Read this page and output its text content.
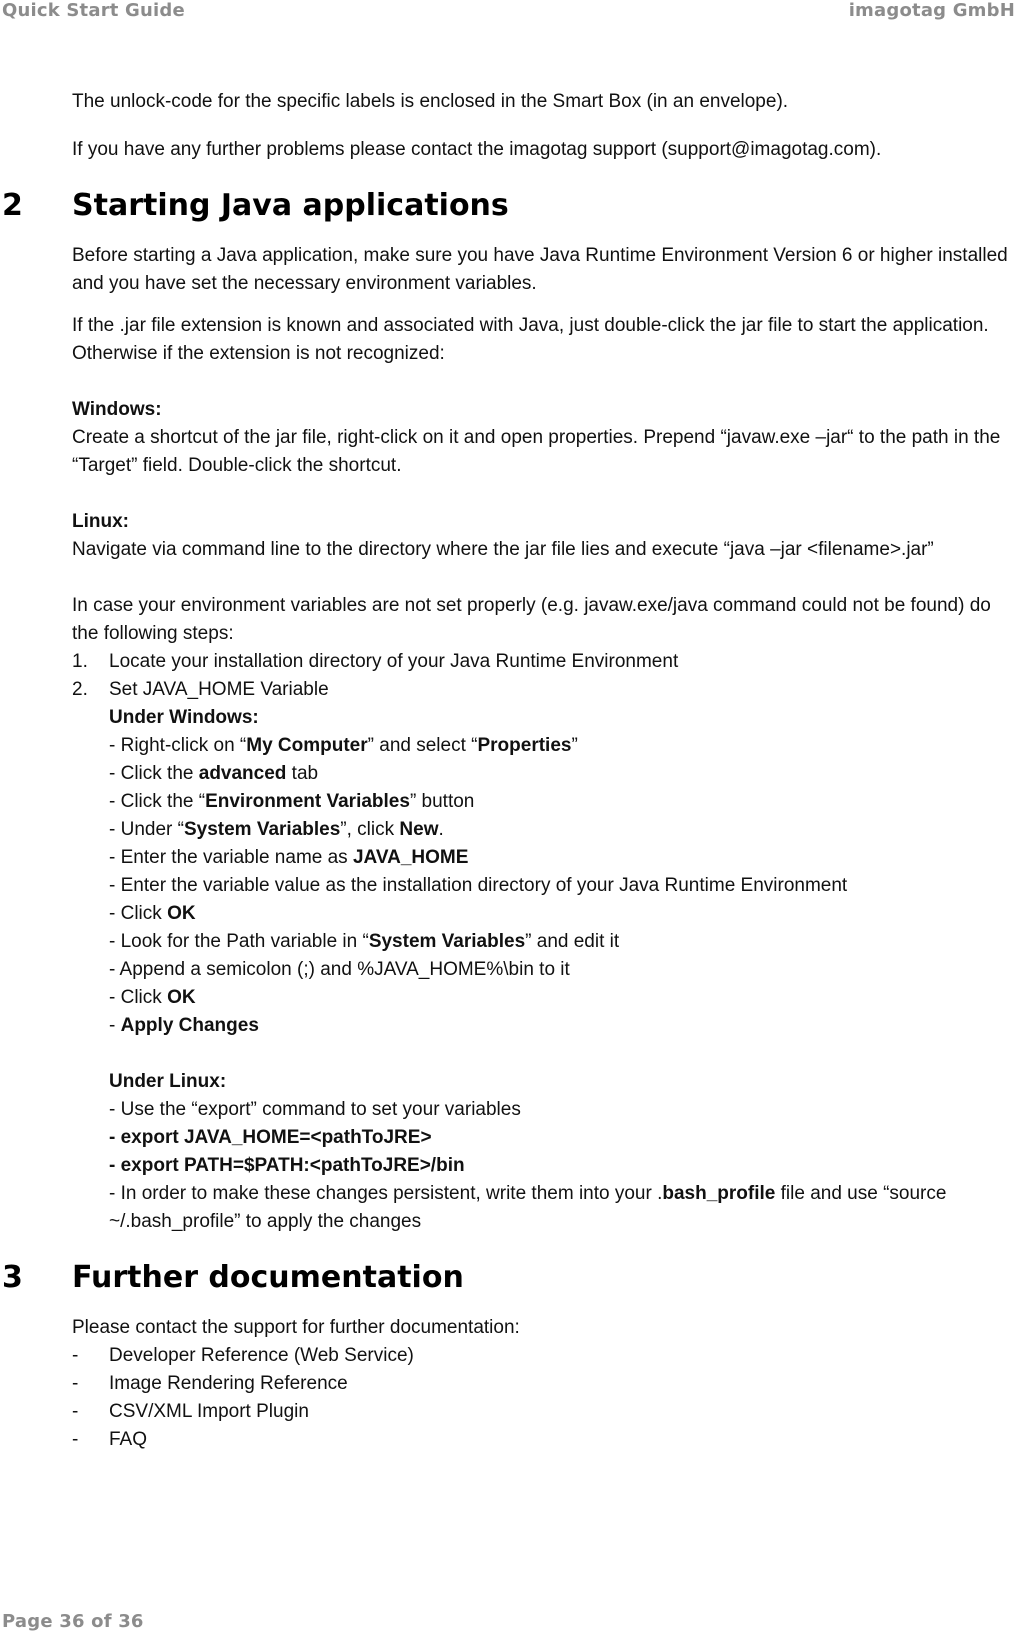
Quick Start Guide	imagotag GmbH

The unlock-code for the specific labels is enclosed in the Smart Box (in an envelope).

If you have any further problems please contact the imagotag support (support@imagotag.com).

2 Starting Java applications

Before starting a Java application, make sure you have Java Runtime Environment Version 6 or higher installed and you have set the necessary environment variables.

If the .jar file extension is known and associated with Java, just double-click the jar file to start the application. Otherwise if the extension is not recognized:

Windows:

Create a shortcut of the jar file, right-click on it and open properties. Prepend “javaw.exe –jar“ to the path in the “Target” field. Double-click the shortcut.

Linux:

Navigate via command line to the directory where the jar file lies and execute “java –jar <filename>.jar”

In case your environment variables are not set properly (e.g. javaw.exe/java command could not be found) do the following steps:

1. Locate your installation directory of your Java Runtime Environment
2. Set JAVA_HOME Variable

Under Windows:

- Right-click on “My Computer” and select “Properties”

- Click the advanced tab

- Click the “Environment Variables” button

- Under “System Variables”, click New.

- Enter the variable name as JAVA_HOME

- Enter the variable value as the installation directory of your Java Runtime Environment

- Click OK

- Look for the Path variable in “System Variables” and edit it

- Append a semicolon (;) and %JAVA_HOME%\bin to it

- Click OK

- Apply Changes

Under Linux:

- Use the “export” command to set your variables

- export JAVA_HOME=<pathToJRE>

- export PATH=$PATH:<pathToJRE>/bin

- In order to make these changes persistent, write them into your .bash_profile file and use “source ~/.bash_profile” to apply the changes

3 Further documentation

Please contact the support for further documentation:

- Developer Reference (Web Service)
- Image Rendering Reference
- CSV/XML Import Plugin
- FAQ
Page 36 of 36
